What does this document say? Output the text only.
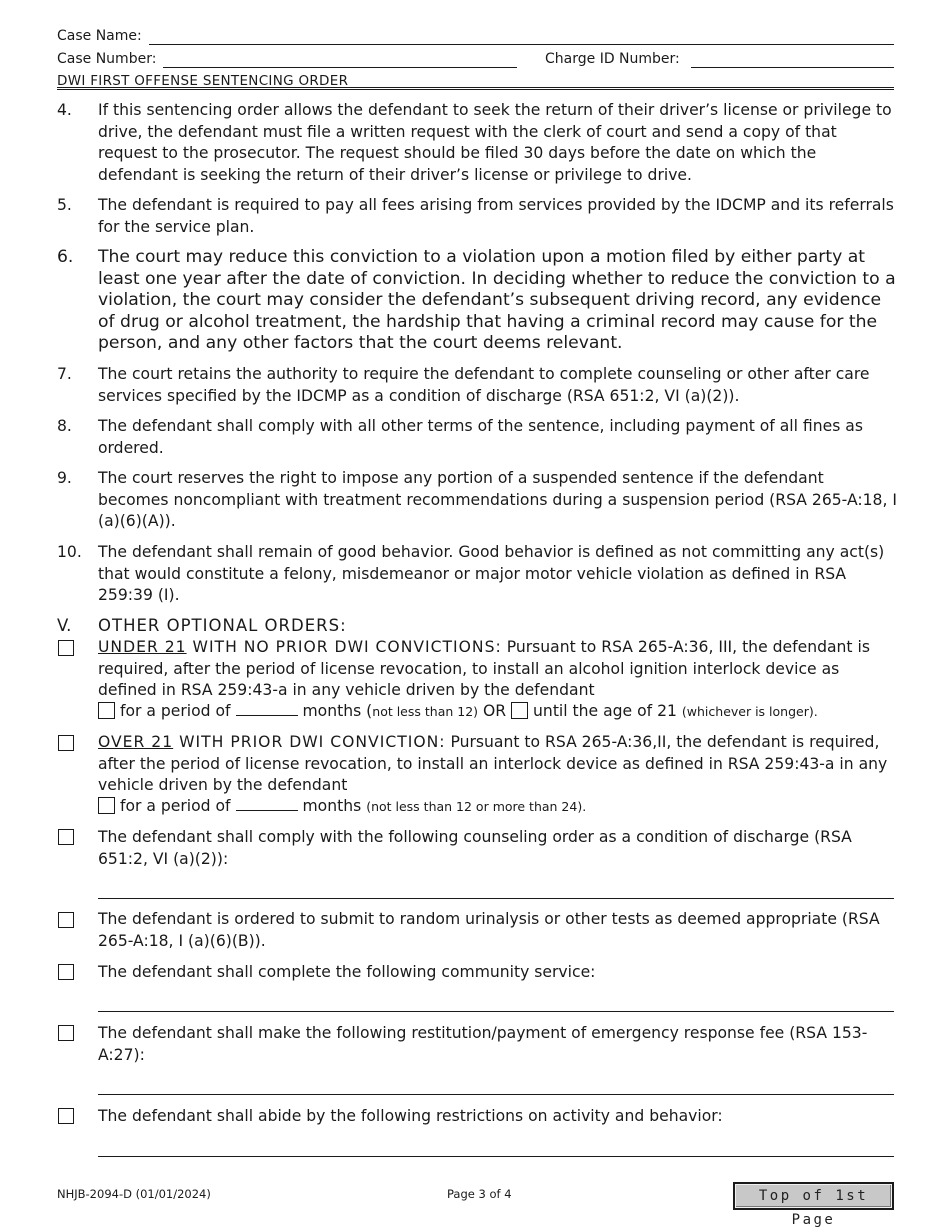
Case Name:
Case Number:	Charge ID Number:
DWI FIRST OFFENSE SENTENCING ORDER
4. If this sentencing order allows the defendant to seek the return of their driver’s license or privilege to drive, the defendant must file a written request with the clerk of court and send a copy of that request to the prosecutor. The request should be filed 30 days before the date on which the defendant is seeking the return of their driver’s license or privilege to drive.
5. The defendant is required to pay all fees arising from services provided by the IDCMP and its referrals for the service plan.
6. The court may reduce this conviction to a violation upon a motion filed by either party at least one year after the date of conviction. In deciding whether to reduce the conviction to a violation, the court may consider the defendant’s subsequent driving record, any evidence of drug or alcohol treatment, the hardship that having a criminal record may cause for the person, and any other factors that the court deems relevant.
7. The court retains the authority to require the defendant to complete counseling or other after care services specified by the IDCMP as a condition of discharge (RSA 651:2, VI (a)(2)).
8. The defendant shall comply with all other terms of the sentence, including payment of all fines as ordered.
9. The court reserves the right to impose any portion of a suspended sentence if the defendant becomes noncompliant with treatment recommendations during a suspension period (RSA 265-A:18, I (a)(6)(A)).
10. The defendant shall remain of good behavior. Good behavior is defined as not committing any act(s) that would constitute a felony, misdemeanor or major motor vehicle violation as defined in RSA 259:39 (I).
V. OTHER OPTIONAL ORDERS:
UNDER 21 WITH NO PRIOR DWI CONVICTIONS: Pursuant to RSA 265-A:36, III, the defendant is required, after the period of license revocation, to install an alcohol ignition interlock device as defined in RSA 259:43-a in any vehicle driven by the defendant
for a period of	months (not less than 12) OR  until the age of 21 (whichever is longer).
OVER 21 WITH PRIOR DWI CONVICTION: Pursuant to RSA 265-A:36,II, the defendant is required, after the period of license revocation, to install an interlock device as defined in RSA 259:43-a in any vehicle driven by the defendant
for a period of	months (not less than 12 or more than 24).
The defendant shall comply with the following counseling order as a condition of discharge (RSA 651:2, VI (a)(2)):
The defendant is ordered to submit to random urinalysis or other tests as deemed appropriate (RSA 265-A:18, I (a)(6)(B)).
The defendant shall complete the following community service:
The defendant shall make the following restitution/payment of emergency response fee (RSA 153-A:27):
The defendant shall abide by the following restrictions on activity and behavior:
NHJB-2094-D (01/01/2024)	Page 3 of 4	Top of 1st Page
